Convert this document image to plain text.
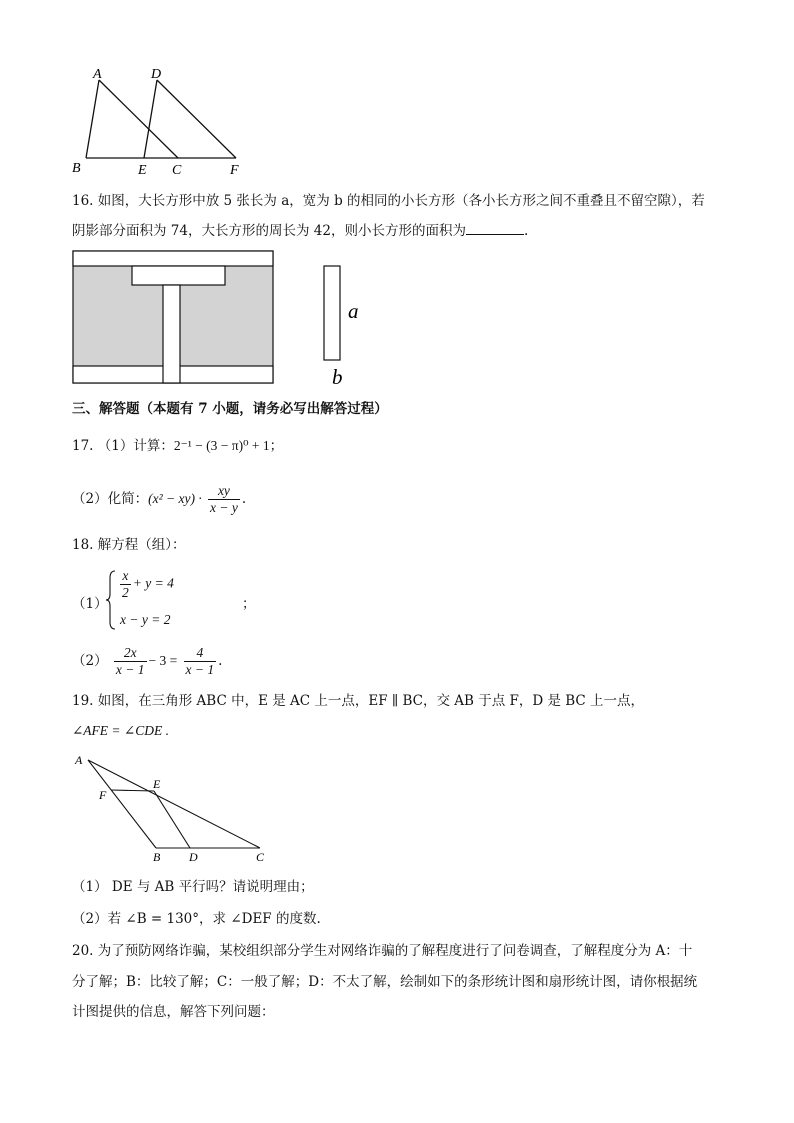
A	D
B	E C	F
16. 如图，大长方形中放 5 张长为 a，宽为 b 的相同的小长方形（各小长方形之间不重叠且不留空隙），若
阴影部分面积为 74，大长方形的周长为 42，则小长方形的面积为	.
a
b
三、解答题（本题有 7 小题，请务必写出解答过程）
17. （1）计算：2⁻¹ − (3 − π)⁰ + 1；
（2）化简：$(x^2 - xy) \cdot \frac{xy}{x - y}$ .
18. 解方程（组）：
（1）
$\frac{x}{2} + y = 4$
x − y = 2
；
$(2) \frac{2x}{x - 1} - 3 = \frac{4}{x - 1}$ .
19. 如图，在三角形 ABC 中，E 是 AC 上一点，EF ∥ BC，交 AB 于点 F，D 是 BC 上一点，
∠AFE = ∠CDE .
A
E
F
B D	C
（1） DE 与 AB 平行吗？请说明理由；
（2）若 ∠B = 130°，求 ∠DEF 的度数.
20. 为了预防网络诈骗，某校组织部分学生对网络诈骗的了解程度进行了问卷调查，了解程度分为 A：十
分了解；B：比较了解；C：一般了解；D：不太了解，绘制如下的条形统计图和扇形统计图，请你根据统
计图提供的信息，解答下列问题：
